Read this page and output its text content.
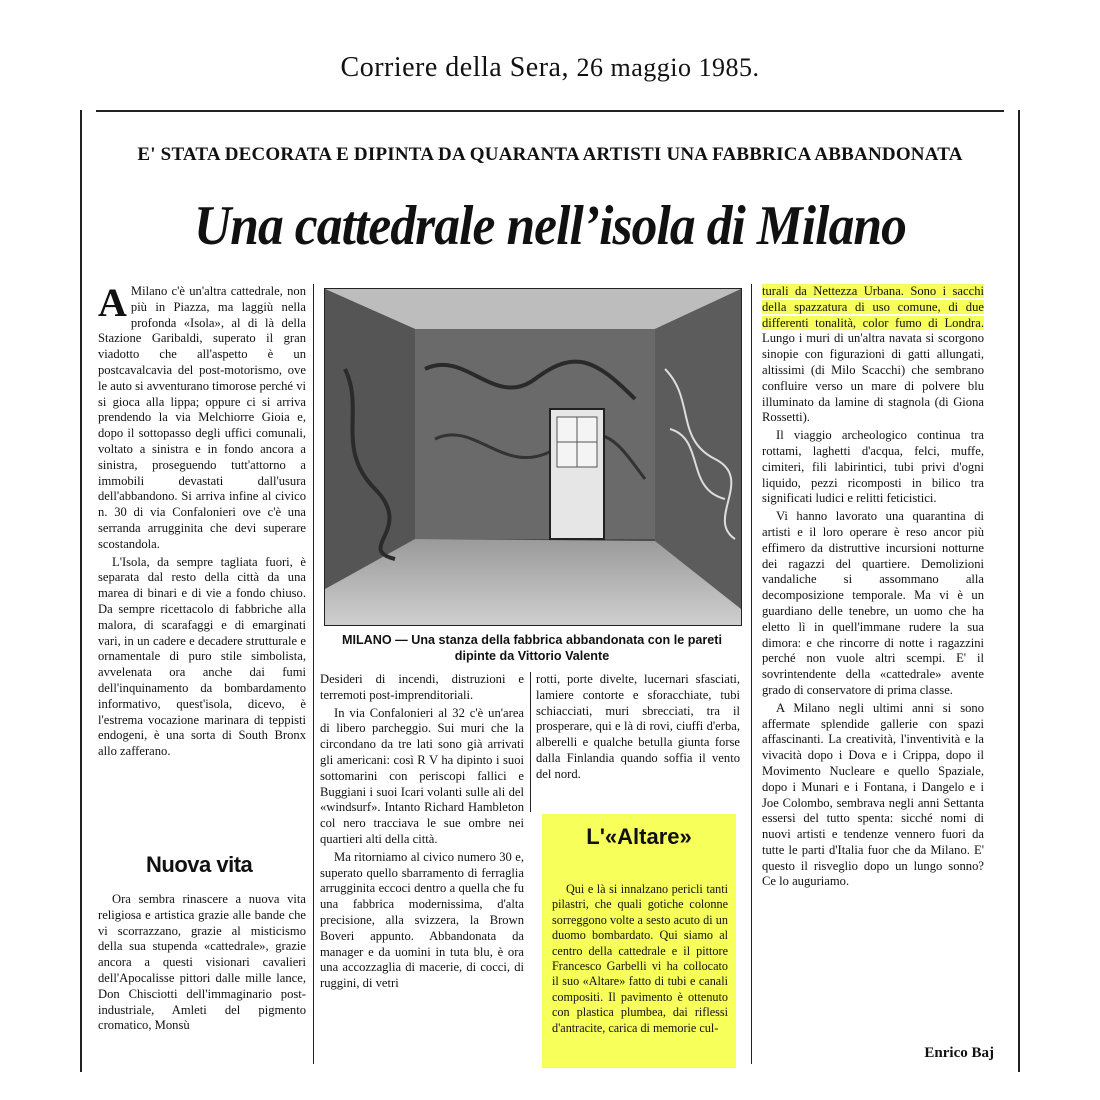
Corriere della Sera, 26 maggio 1985.
E' STATA DECORATA E DIPINTA DA QUARANTA ARTISTI UNA FABBRICA ABBANDONATA
Una cattedrale nell’isola di Milano

A Milano c'è un'altra cattedrale, non più in Piazza, ma laggiù nella profonda «Isola», al di là della Stazione Garibaldi, superato il gran viadotto che all'aspetto è un postcavalcavia del post-motorismo, ove le auto si avventurano timorose perché vi si gioca alla lippa; oppure ci si arriva prendendo la via Melchiorre Gioia e, dopo il sottopasso degli uffici comunali, voltato a sinistra e in fondo ancora a sinistra, proseguendo tutt'attorno a immobili devastati dall'usura dell'abbandono. Si arriva infine al civico n. 30 di via Confalonieri ove c'è una serranda arrugginita che devi superare scostandola.

L'Isola, da sempre tagliata fuori, è separata dal resto della città da una marea di binari e di vie a fondo chiuso. Da sempre ricettacolo di fabbriche alla malora, di scarafaggi e di emarginati vari, in un cadere e decadere strutturale e ornamentale di puro stile simbolista, avvelenata ora anche dai fumi dell'inquinamento da bombardamento informativo, quest'isola, dicevo, è l'estrema vocazione marinara di teppisti endogeni, è una sorta di South Bronx allo zafferano.

Nuova vita

Ora sembra rinascere a nuova vita religiosa e artistica grazie alle bande che vi scorrazzano, grazie al misticismo della sua stupenda «cattedrale», grazie ancora a questi visionari cavalieri dell'Apocalisse pittori dalle mille lance, Don Chisciotti dell'immaginario post-industriale, Amleti del pigmento cromatico, Monsù

MILANO — Una stanza della fabbrica abbandonata con le pareti dipinte da Vittorio Valente

Desideri di incendi, distruzioni e terremoti post-imprenditoriali.

In via Confalonieri al 32 c'è un'area di libero parcheggio. Sui muri che la circondano da tre lati sono già arrivati gli americani: così R V ha dipinto i suoi sottomarini con periscopi fallici e Buggiani i suoi Icari volanti sulle ali del «windsurf». Intanto Richard Hambleton col nero tracciava le sue ombre nei quartieri alti della città.

Ma ritorniamo al civico numero 30 e, superato quello sbarramento di ferraglia arrugginita eccoci dentro a quella che fu una fabbrica modernissima, d'alta precisione, alla svizzera, la Brown Boveri appunto. Abbandonata da manager e da uomini in tuta blu, è ora una accozzaglia di macerie, di cocci, di ruggini, di vetri

rotti, porte divelte, lucernari sfasciati, lamiere contorte e sforacchiate, tubi schiacciati, muri sbrecciati, tra il prosperare, qui e là di rovi, ciuffi d'erba, alberelli e qualche betulla giunta forse dalla Finlandia quando soffia il vento del nord.

L'«Altare»

Qui e là si innalzano pericli tanti pilastri, che quali gotiche colonne sorreggono volte a sesto acuto di un duomo bombardato. Qui siamo al centro della cattedrale e il pittore Francesco Garbelli vi ha collocato il suo «Altare» fatto di tubi e canali compositi. Il pavimento è ottenuto con plastica plumbea, dai riflessi d'antracite, carica di memorie cul-

turali da Nettezza Urbana. Sono i sacchi della spazzatura di uso comune, di due differenti tonalità, color fumo di Londra. Lungo i muri di un'altra navata si scorgono sinopie con figurazioni di gatti allungati, altissimi (di Milo Scacchi) che sembrano confluire verso un mare di polvere blu illuminato da lamine di stagnola (di Giona Rossetti).

Il viaggio archeologico continua tra rottami, laghetti d'acqua, felci, muffe, cimiteri, fili labirintici, tubi privi d'ogni liquido, pezzi ricomposti in bilico tra significati ludici e relitti feticistici.

Vi hanno lavorato una quarantina di artisti e il loro operare è reso ancor più effimero da distruttive incursioni notturne dei ragazzi del quartiere. Demolizioni vandaliche si assommano alla decomposizione temporale. Ma vi è un guardiano delle tenebre, un uomo che ha eletto lì in quell'immane rudere la sua dimora: e che rincorre di notte i ragazzini perché non vuole altri scempi. E' il sovrintendente della «cattedrale» avente grado di conservatore di prima classe.

A Milano negli ultimi anni si sono affermate splendide gallerie con spazi affascinanti. La creatività, l'inventività e la vivacità dopo i Dova e i Crippa, dopo il Movimento Nucleare e quello Spaziale, dopo i Munari e i Fontana, i Dangelo e i Joe Colombo, sembrava negli anni Settanta essersi del tutto spenta: sicché nomi di nuovi artisti e tendenze vennero fuori da tutte le parti d'Italia fuor che da Milano. E' questo il risveglio dopo un lungo sonno? Ce lo auguriamo.

Enrico Baj
